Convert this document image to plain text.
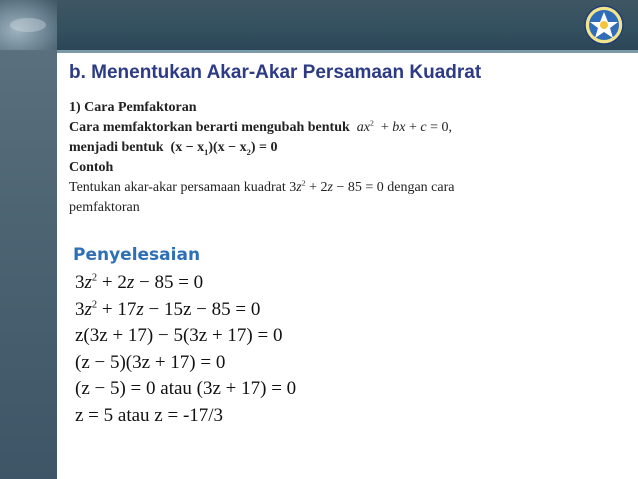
b. Menentukan Akar-Akar Persamaan Kuadrat
1) Cara Pemfaktoran
Cara memfaktorkan berarti mengubah bentuk $ax^2$ + bx + c = 0,
menjadi bentuk $(x - x_1)(x - x_2) = 0$
Contoh
Tentukan akar-akar persamaan kuadrat $3z^2 + 2z - 85 = 0$ dengan cara
pemfaktoran
Penyelesaian
$3z^2 + 2z - 85 = 0$
$3z^2 + 17z - 15z - 85 = 0$
z(3z + 17) − 5(3z + 17) = 0
(z − 5)(3z + 17) = 0
(z − 5) = 0 atau (3z + 17) = 0
z = 5 atau z = -17/3
